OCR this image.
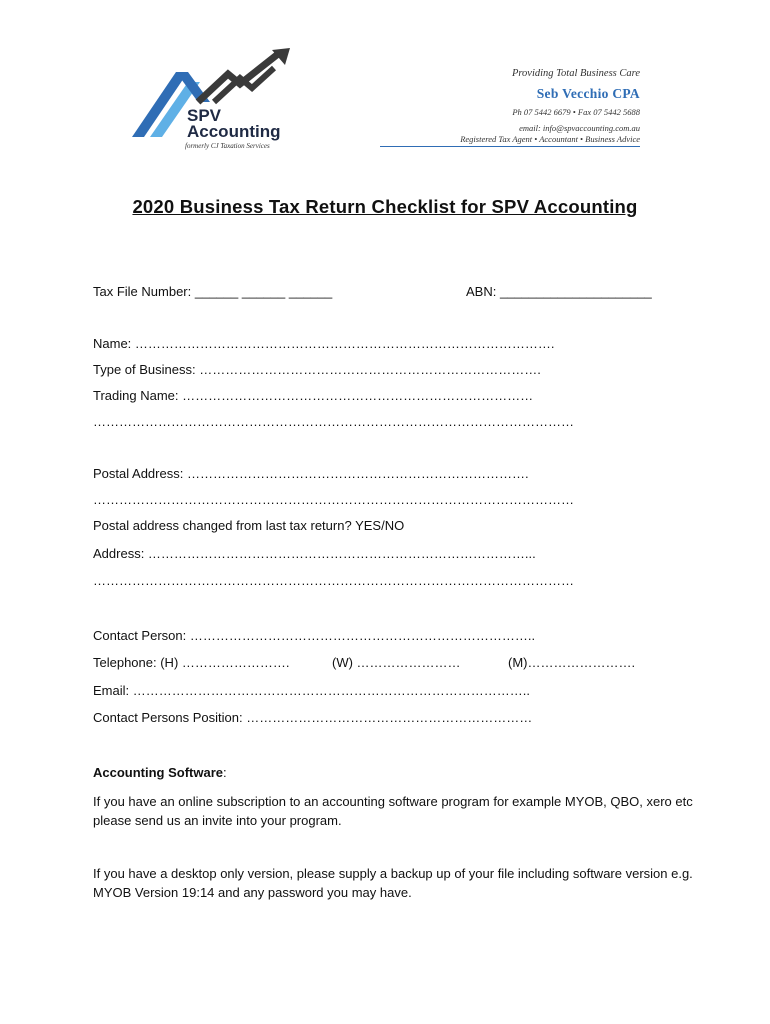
SPV
Accounting
formerly CJ Taxation Services
Providing Total Business Care
Seb Vecchio CPA
Ph 07 5442 6679 • Fax 07 5442 5688
email: info@spvaccounting.com.au
Registered Tax Agent • Accountant • Business Advice
2020 Business Tax Return Checklist for SPV Accounting
Tax File Number: ______ ______ ______	ABN: _____________________
Name: …………………………………………………………………………………….
Type of Business: …………………………………………………………………….
Trading Name: ………………………………………………………………………
…………………………………………………………………………………………………
Postal Address: …………………………………………………………………….
…………………………………………………………………………………………………
Postal address changed from last tax return? YES/NO
Address: ……………………………………………………………………………...
…………………………………………………………………………………………………
Contact Person: ……………………………………………………………………..
Telephone: (H) …………………….	(W) ……………………	(M)…………………….
Email: ………………………………………………………………………………..
Contact Persons Position: …………………………………………………………
Accounting Software:
If you have an online subscription to an accounting software program for example MYOB, QBO, xero etc please send us an invite into your program.
If you have a desktop only version, please supply a backup up of your file including software version e.g. MYOB Version 19:14 and any password you may have.
